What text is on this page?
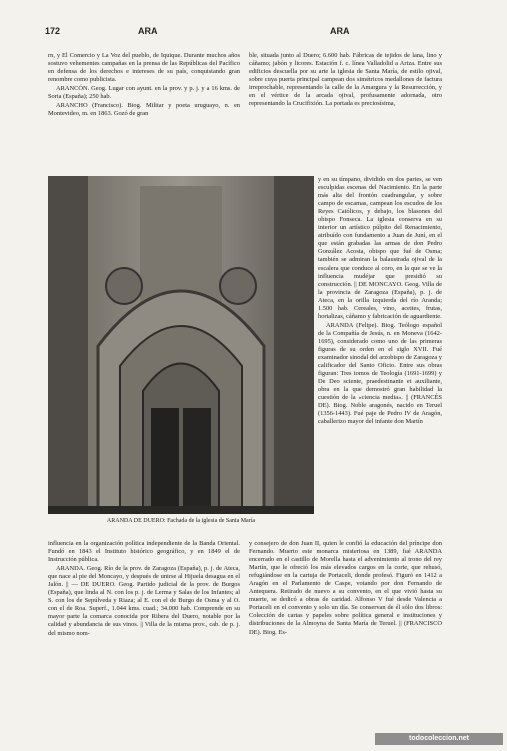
172	ARA	ARA

rn, y El Comercio y La Voz del pueblo, de Iquique. Durante muchos años sostuvo vehementes campañas en la prensa de las Repúblicas del Pacífico en defensa de los derechos e intereses de su país, conquistando gran renombre como publicista.

ARANCÓN. Geog. Lugar con ayunt. en la prov. y p. j. y a 16 kms. de Soria (España); 250 hab.

ARANCHO (Francisco). Biog. Militar y poeta uruguayo, n. en Montevideo, m. en 1863. Gozó de gran

ble, situada junto al Duero; 6.600 hab. Fábricas de tejidos de lana, lino y cáñamo; jabón y licores. Estación f. c. línea Valladolid a Ariza. Entre sus edificios descuella por su arte la iglesia de Santa María, de estilo ojival, sobre cuya puerta principal campean dos simétricos medallones de factura irreprochable, representando la calle de la Amargura y la Resurrección, y en el vértice de la arcada ojival, profusamente adornada, otro representando la Crucifixión. La portada es preciosísima,

ARANDA DE DUERO: Fachada de la iglesia de Santa María

y en su tímpano, dividido en dos partes, se ven esculpidas escenas del Nacimiento. En la parte más alta del frontón cuadrangular, y sobre campo de escamas, campean los escudos de los Reyes Católicos, y debajo, los blasones del obispo Fonseca. La iglesia conserva en su interior un artístico púlpito del Renacimiento, atribuído con fundamento a Juan de Juní, en el que están grabadas las armas de don Pedro González Acosta, obispo que fué de Osma; también se admiran la balaustrada ojival de la escalera que conduce al coro, en la que se ve la influencia mudéjar que presidió su construcción. || DE MONCAYO. Geog. Villa de la provincia de Zaragoza (España), p. j. de Ateca, en la orilla izquierda del río Aranda; 1.500 hab. Cereales, vino, aceites, frutas, hortalizas, cáñamo y fabricación de aguardiente.

ARANDA (Felipe). Biog. Teólogo español de la Compañía de Jesús, n. en Moneva (1642-1695), considerado como uno de las primeras figuras de su orden en el siglo XVII. Fué examinador sinodal del arzobispo de Zaragoza y calificador del Santo Oficio. Entre sus obras figuran: Tres tomos de Teología (1691-1699) y De Deo sciente, praedestinante et auxiliante, obra en la que demostró gran habilidad la cuestión de la «ciencia media». || (FRANCÉS DE). Biog. Noble aragonés, nacido en Teruel (1356-1443). Fué paje de Pedro IV de Aragón, caballerizo mayor del infante don Martín

influencia en la organización política independiente de la Banda Oriental. Fundó en 1843 el Instituto histórico geográfico, y en 1849 el de Instrucción pública.

ARANDA. Geog. Río de la prov. de Zaragoza (España), p. j. de Ateca, que nace al pie del Moncayo, y después de unirse al Hijuela desagua en el Jalón. || — DE DUERO. Geog. Partido judicial de la prov. de Burgos (España), que linda al N. con los p. j. de Lerma y Salas de los Infantes; al S. con los de Sepúlveda y Riaza; al E. con el de Burgo de Osma y al O. con el de Roa. Superf., 1.044 kms. cuad.; 34.000 hab. Comprende en su mayor parte la comarca conocida por Ribera del Duero, notable por la calidad y abundancia de sus vinos. || Villa de la misma prov., cab. de p. j. del mismo nom-

y consejero de don Juan II, quien le confió la educación del príncipe don Fernando. Muerto este monarca misteriosa en 1389, fué ARANDA encerrado en el castillo de Morella hasta el advenimiento al trono del rey Martín, que le ofreció los más elevados cargos en la corte, que rehusó, refugiándose en la cartuja de Portaceli, donde profesó. Figuró en 1412 a Aragón en el Parlamento de Caspe, votando por don Fernando de Antequera. Retirado de nuevo a su convento, en el que vivió hasta su muerte, se dedicó a obras de caridad. Alfonso V fué desde Valencia a Portaceli en el convento y solo un día. Se conservan de él sólo dos libros: Colección de cartas y papeles sobre política general e instituciones y distribuciones de la Almoyna de Santa María de Teruel. || (FRANCISCO DE). Biog. Es-

todocoleccion.net
